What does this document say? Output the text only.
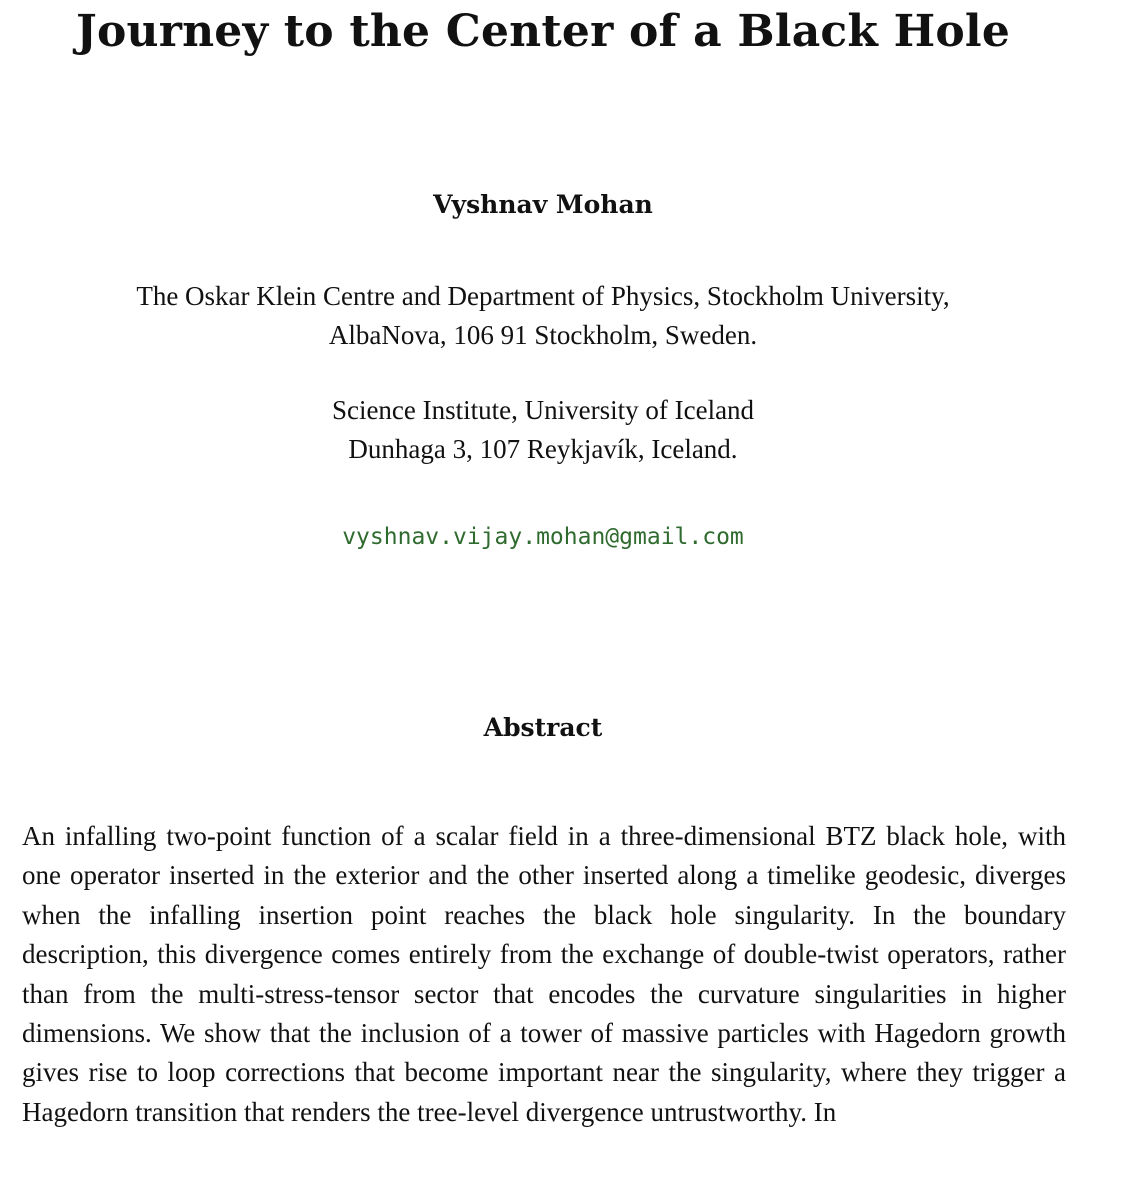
Journey to the Center of a Black Hole
Vyshnav Mohan
The Oskar Klein Centre and Department of Physics, Stockholm University,
AlbaNova, 106 91 Stockholm, Sweden.
Science Institute, University of Iceland
Dunhaga 3, 107 Reykjavík, Iceland.
vyshnav.vijay.mohan@gmail.com
Abstract

An infalling two-point function of a scalar field in a three-dimensional BTZ black hole, with one operator inserted in the exterior and the other inserted along a timelike geodesic, diverges when the infalling insertion point reaches the black hole singularity. In the boundary description, this divergence comes entirely from the exchange of double-twist operators, rather than from the multi-stress-tensor sector that encodes the curvature singularities in higher dimensions. We show that the inclusion of a tower of massive particles with Hagedorn growth gives rise to loop corrections that become important near the singularity, where they trigger a Hagedorn transition that renders the tree-level divergence untrustworthy. In
